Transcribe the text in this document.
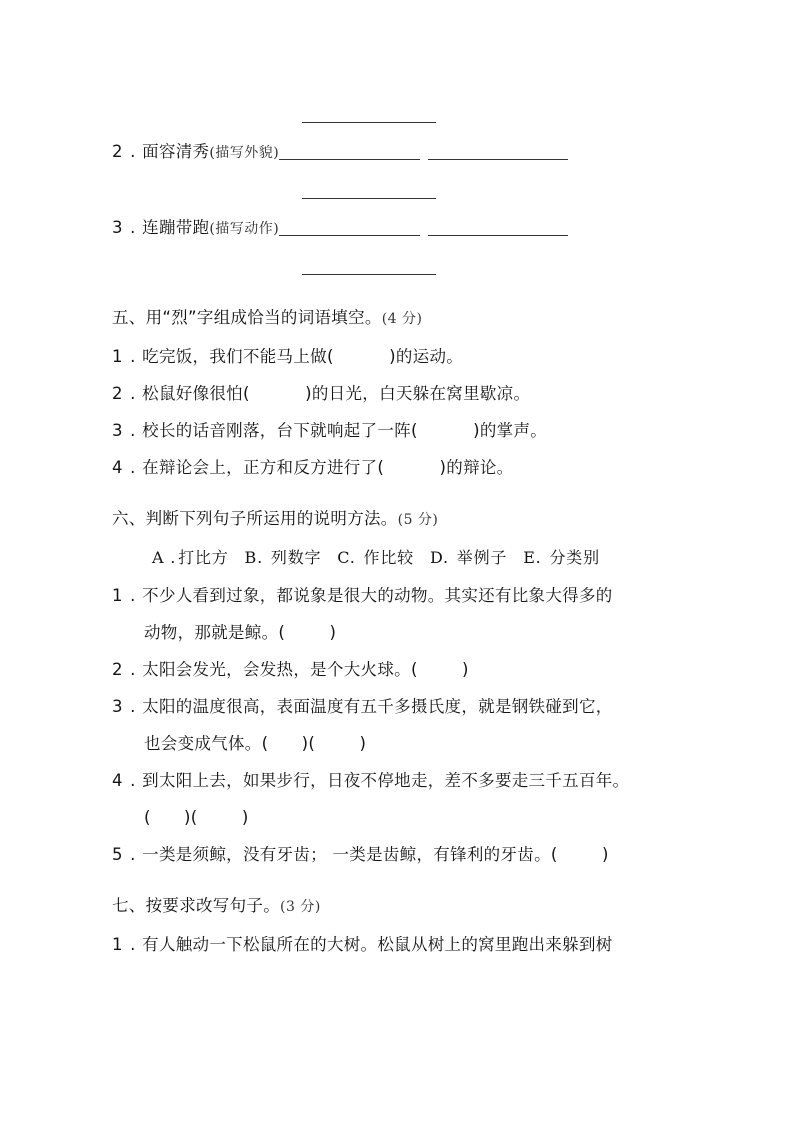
2 . 面容清秀(描写外貌)
3 . 连蹦带跑(描写动作)
五、用“烈”字组成恰当的词语填空。(4 分)
1 . 吃完饭，我们不能马上做(	)的运动。
2 . 松鼠好像很怕(	)的日光，白天躲在窝里歇凉。
3 . 校长的话音刚落，台下就响起了一阵(	)的掌声。
4 . 在辩论会上，正方和反方进行了(	)的辩论。
六、判断下列句子所运用的说明方法。(5 分)
A . 打比方 B. 列数字 C. 作比较 D. 举例子 E. 分类别
1 . 不少人看到过象，都说象是很大的动物。其实还有比象大得多的
动物，那就是鲸。(        )
2 . 太阳会发光，会发热，是个大火球。(        )
3 . 太阳的温度很高，表面温度有五千多摄氏度，就是钢铁碰到它，
也会变成气体。(      )(        )
4 . 到太阳上去，如果步行，日夜不停地走，差不多要走三千五百年。
(      )(        )
5 . 一类是须鲸，没有牙齿； 一类是齿鲸，有锋利的牙齿。(        )
七、按要求改写句子。(3 分)
1 . 有人触动一下松鼠所在的大树。松鼠从树上的窝里跑出来躲到树
